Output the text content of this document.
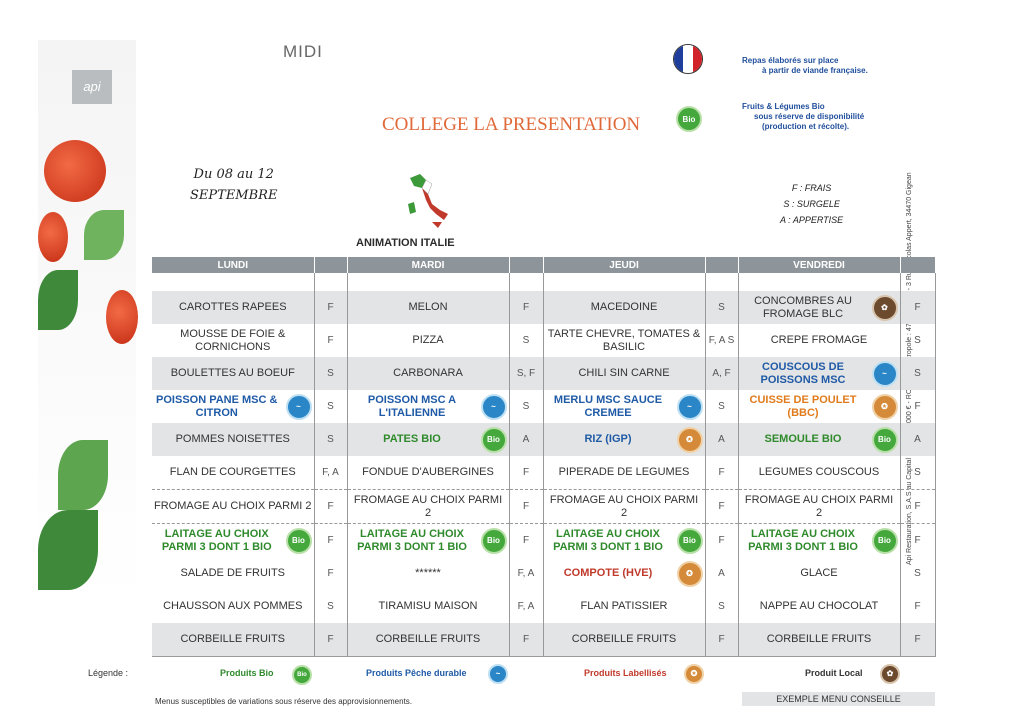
api
MIDI
COLLEGE LA PRESENTATION
Du 08 au 12
SEPTEMBRE
Repas élaborés sur place
à partir de viande française.
Bio
Fruits & Légumes Bio
sous réserve de disponibilité
(production et récolte).
F : FRAIS
S : SURGELE
A : APPERTISE
ANIMATION ITALIE
LUNDI		MARDI		JEUDI		VENDREDI	

CAROTTES RAPEES	F	MELON	F	MACEDOINE	S	CONCOMBRES AU FROMAGE BLC ✿	F

MOUSSE DE FOIE & CORNICHONS	F	PIZZA	S	TARTE CHEVRE, TOMATES & BASILIC	F, A S	CREPE FROMAGE	S

BOULETTES AU BOEUF	S	CARBONARA	S, F	CHILI SIN CARNE	A, F	COUSCOUS DE POISSONS MSC ~	S

POISSON PANE MSC & CITRON ~	S	POISSON MSC A L'ITALIENNE ~	S	MERLU MSC SAUCE CREMEE ~	S	CUISSE DE POULET (BBC) ✪	F

POMMES NOISETTES	S	PATES BIO Bio	A	RIZ (IGP) ✪	A	SEMOULE BIO Bio	A

FLAN DE COURGETTES	F, A	FONDUE D'AUBERGINES	F	PIPERADE DE LEGUMES	F	LEGUMES COUSCOUS	S

FROMAGE AU CHOIX PARMI 2	F	FROMAGE AU CHOIX PARMI 2	F	FROMAGE AU CHOIX PARMI 2	F	FROMAGE AU CHOIX PARMI 2	F

LAITAGE AU CHOIX PARMI 3 DONT 1 BIO Bio	F	LAITAGE AU CHOIX PARMI 3 DONT 1 BIO Bio	F	LAITAGE AU CHOIX PARMI 3 DONT 1 BIO Bio	F	LAITAGE AU CHOIX PARMI 3 DONT 1 BIO Bio	F

SALADE DE FRUITS	F	******	F, A	COMPOTE (HVE) ✪	A	GLACE	S

CHAUSSON AUX POMMES	S	TIRAMISU MAISON	F, A	FLAN PATISSIER	S	NAPPE AU CHOCOLAT	F

CORBEILLE FRUITS	F	CORBEILLE FRUITS	F	CORBEILLE FRUITS	F	CORBEILLE FRUITS	F
Légende :	Produits Bio	Bio	Produits Pêche durable	~	Produits Labellisés	✪	Produit Local	✿
Menus susceptibles de variations sous réserve des approvisionnements.	EXEMPLE MENU CONSEILLE
